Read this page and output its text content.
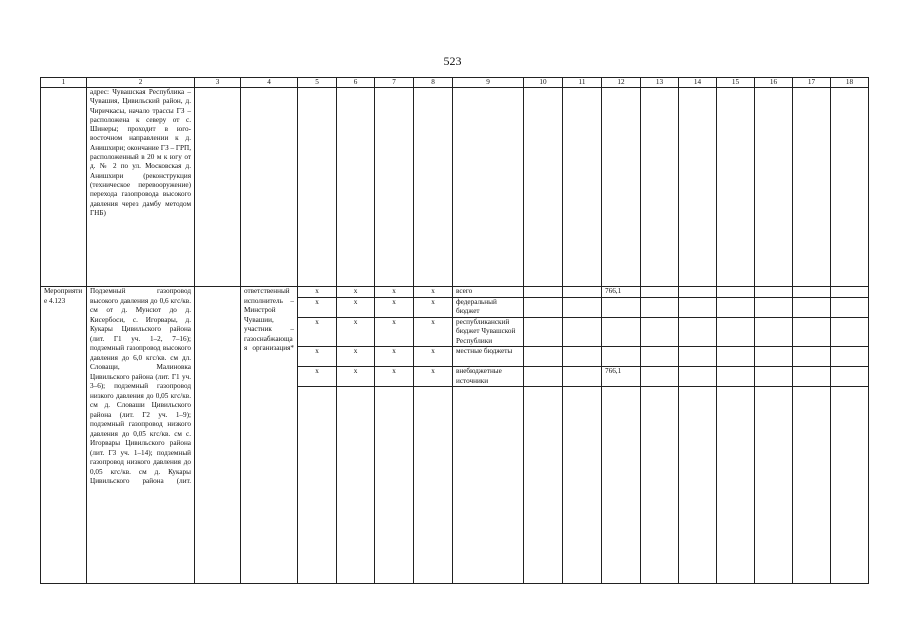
523
1	2	3	4	5	6	7	8	9	10	11	12	13	14	15	16	17	18
	адрес: Чувашская Республика – Чувашия, Цивильский район, д. Чиричкасы, начало трассы ГЗ – расположена к северу от с. Шинеры; проходит в юго-восточном направлении к д. Анишхири; окончание ГЗ – ГРП, расположенный в 20 м к югу от д. № 2 по ул. Московская д. Анишхири (реконструкция (техническое перевооружение) перехода газопровода высокого давления через дамбу методом ГНБ)																
Мероприятие 4.123	Подземный газопровод высокого давления до 0,6 кгс/кв. см от д. Мунсют до д. Кисербоси, с. Игорвары, д. Кукары Цивильского района (лит. Г1 уч. 1–2, 7–16); подземный газопровод высокого давления до 6,0 кгс/кв. см дл. Словащи, Малиновка Цивильского района (лит. Г1 уч. 3–6); подземный газопровод низкого давления до 0,05 кгс/кв. см д. Словаши Цивильского района (лит. Г2 уч. 1–9); подземный газопровод низкого давления до 0,05 кгс/кв. см с. Игорвары Цивильского района (лит. Г3 уч. 1–14); подземный газопровод низкого давления до 0,05 кгс/кв. см д. Кукары Цивильского района (лит.		ответственный исполнитель – Минстрой Чувашии, участник – газоснабжающая организация*	x	x	x	x	всего			766,1						
				x	x	x	x	федеральный бюджет									
				x	x	x	x	республиканский бюджет Чувашской Республики									
				x	x	x	x	местные бюджеты									
				x	x	x	x	внебюджетные источники			766,1						
